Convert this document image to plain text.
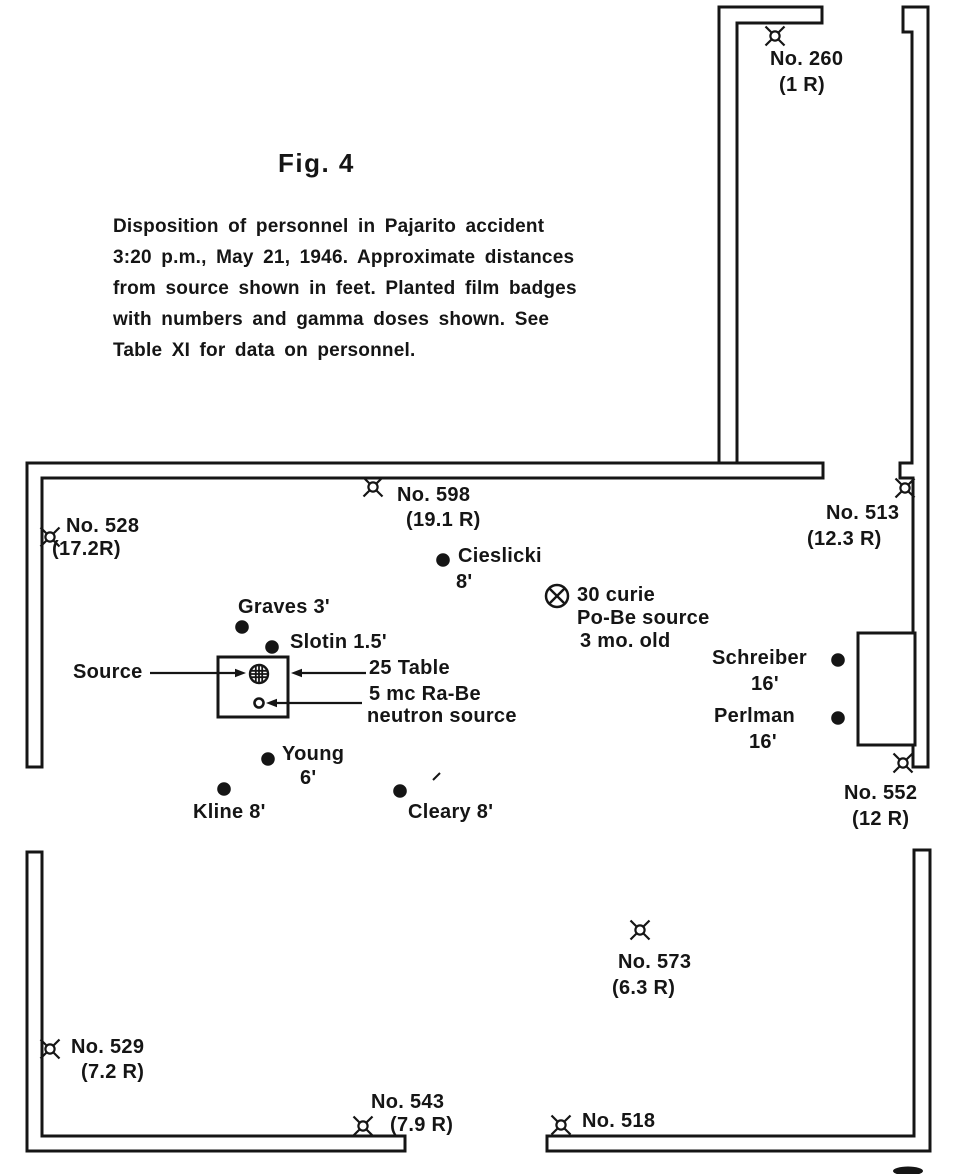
Fig. 4
Disposition of personnel in Pajarito accident
3:20 p.m., May 21, 1946. Approximate distances
from source shown in feet. Planted film badges
with numbers and gamma doses shown. See
Table XI for data on personnel.
No. 260
(1 R)
No. 598
(19.1 R)
No. 528
(17.2R)
No. 513
(12.3 R)
No. 552
(12 R)
No. 573
(6.3 R)
No. 529
(7.2 R)
No. 543
(7.9 R)	No. 518
Cieslicki
8'
Graves 3'
Slotin 1.5'
Young
6'
Kline 8'	Cleary 8'
Schreiber
16'
Perlman
16'
Source	25 Table
5 mc Ra-Be
neutron source
30 curie
Po-Be source
3 mo. old
